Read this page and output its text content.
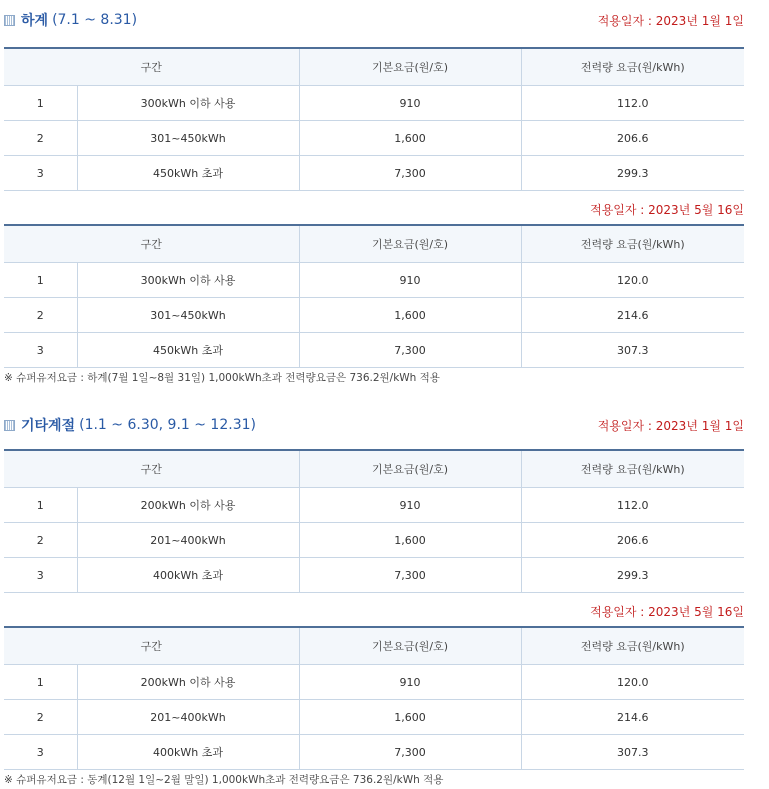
하계 (7.1 ~ 8.31)	적용일자 : 2023년 1월 1일
구간		기본요금(원/호)	전력량 요금(원/kWh)
1	300kWh 이하 사용	910	112.0
2	301~450kWh	1,600	206.6
3	450kWh 초과	7,300	299.3
적용일자 : 2023년 5월 16일
구간		기본요금(원/호)	전력량 요금(원/kWh)
1	300kWh 이하 사용	910	120.0
2	301~450kWh	1,600	214.6
3	450kWh 초과	7,300	307.3
※ 슈퍼유저요금 : 하계(7월 1일~8월 31일) 1,000kWh초과 전력량요금은 736.2원/kWh 적용
기타계절 (1.1 ~ 6.30, 9.1 ~ 12.31)	적용일자 : 2023년 1월 1일
구간		기본요금(원/호)	전력량 요금(원/kWh)
1	200kWh 이하 사용	910	112.0
2	201~400kWh	1,600	206.6
3	400kWh 초과	7,300	299.3
적용일자 : 2023년 5월 16일
구간		기본요금(원/호)	전력량 요금(원/kWh)
1	200kWh 이하 사용	910	120.0
2	201~400kWh	1,600	214.6
3	400kWh 초과	7,300	307.3
※ 슈퍼유저요금 : 동계(12월 1일~2월 말일) 1,000kWh초과 전력량요금은 736.2원/kWh 적용
